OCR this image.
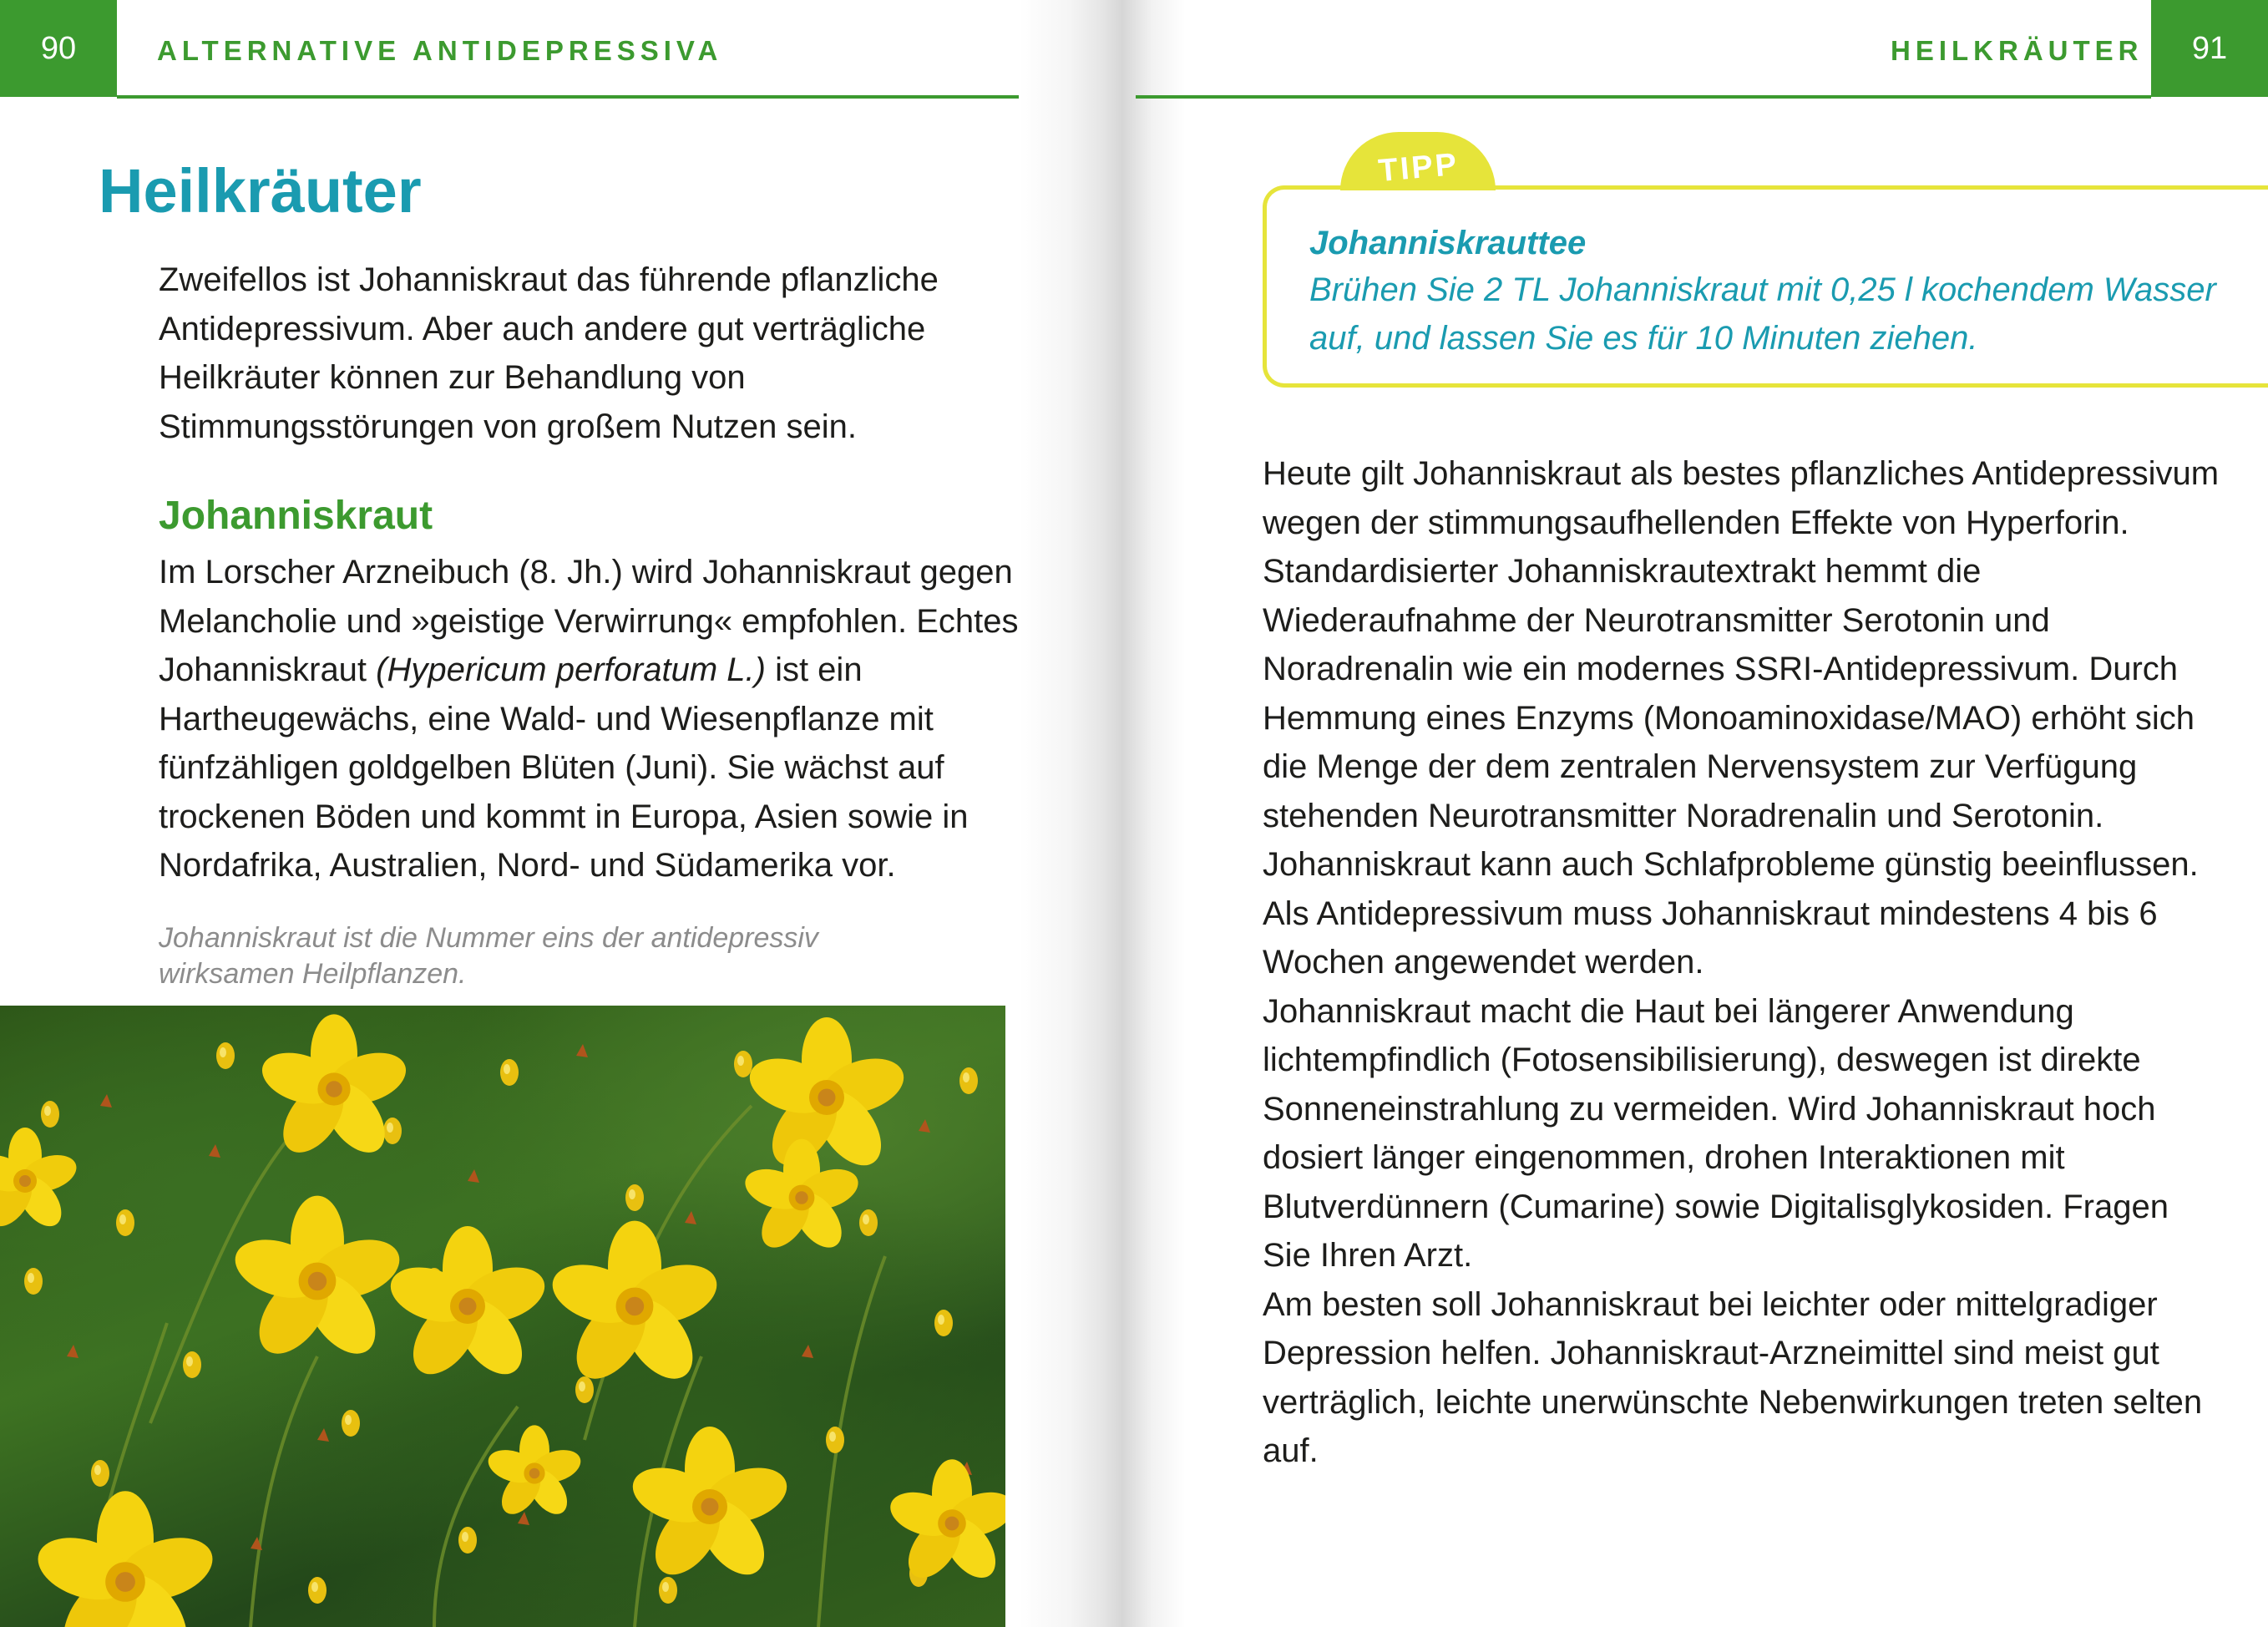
90	ALTERNATIVE ANTIDEPRESSIVA
Heilkräuter

Zweifellos ist Johanniskraut das führende pflanzliche Antidepressivum. Aber auch andere gut verträgliche Heilkräuter können zur Behandlung von Stimmungsstörungen von großem Nutzen sein.

Johanniskraut

Im Lorscher Arzneibuch (8. Jh.) wird Johanniskraut gegen Melancholie und »geistige Verwirrung« empfohlen. Echtes Johanniskraut (Hypericum perforatum L.) ist ein Hartheugewächs, eine Wald- und Wiesenpflanze mit fünfzähligen goldgelben Blüten (Juni). Sie wächst auf trockenen Böden und kommt in Europa, Asien sowie in Nordafrika, Australien, Nord- und Südamerika vor.

Johanniskraut ist die Nummer eins der antidepressiv wirksamen Heilpflanzen.

HEILKRÄUTER 91
TIPP

Johanniskrauttee

Brühen Sie 2 TL Johanniskraut mit 0,25 l kochendem Wasser auf, und lassen Sie es für 10 Minuten ziehen.

Heute gilt Johanniskraut als bestes pflanzliches Antidepressivum wegen der stimmungsaufhellenden Effekte von Hyperforin. Standardisierter Johanniskrautextrakt hemmt die Wiederaufnahme der Neurotransmitter Serotonin und Noradrenalin wie ein modernes SSRI-Antidepressivum. Durch Hemmung eines Enzyms (Monoaminoxidase/MAO) erhöht sich die Menge der dem zentralen Nervensystem zur Verfügung stehenden Neurotransmitter Noradrenalin und Serotonin. Johanniskraut kann auch Schlafprobleme günstig beeinflussen. Als Antidepressivum muss Johanniskraut mindestens 4 bis 6 Wochen angewendet werden.
Johanniskraut macht die Haut bei längerer Anwendung lichtempfindlich (Fotosensibilisierung), deswegen ist direkte Sonneneinstrahlung zu vermeiden. Wird Johanniskraut hoch dosiert länger eingenommen, drohen Interaktionen mit Blutverdünnern (Cumarine) sowie Digitalisglykosiden. Fragen Sie Ihren Arzt.
Am besten soll Johanniskraut bei leichter oder mittelgradiger Depression helfen. Johanniskraut-Arzneimittel sind meist gut verträglich, leichte unerwünschte Nebenwirkungen treten selten auf.
